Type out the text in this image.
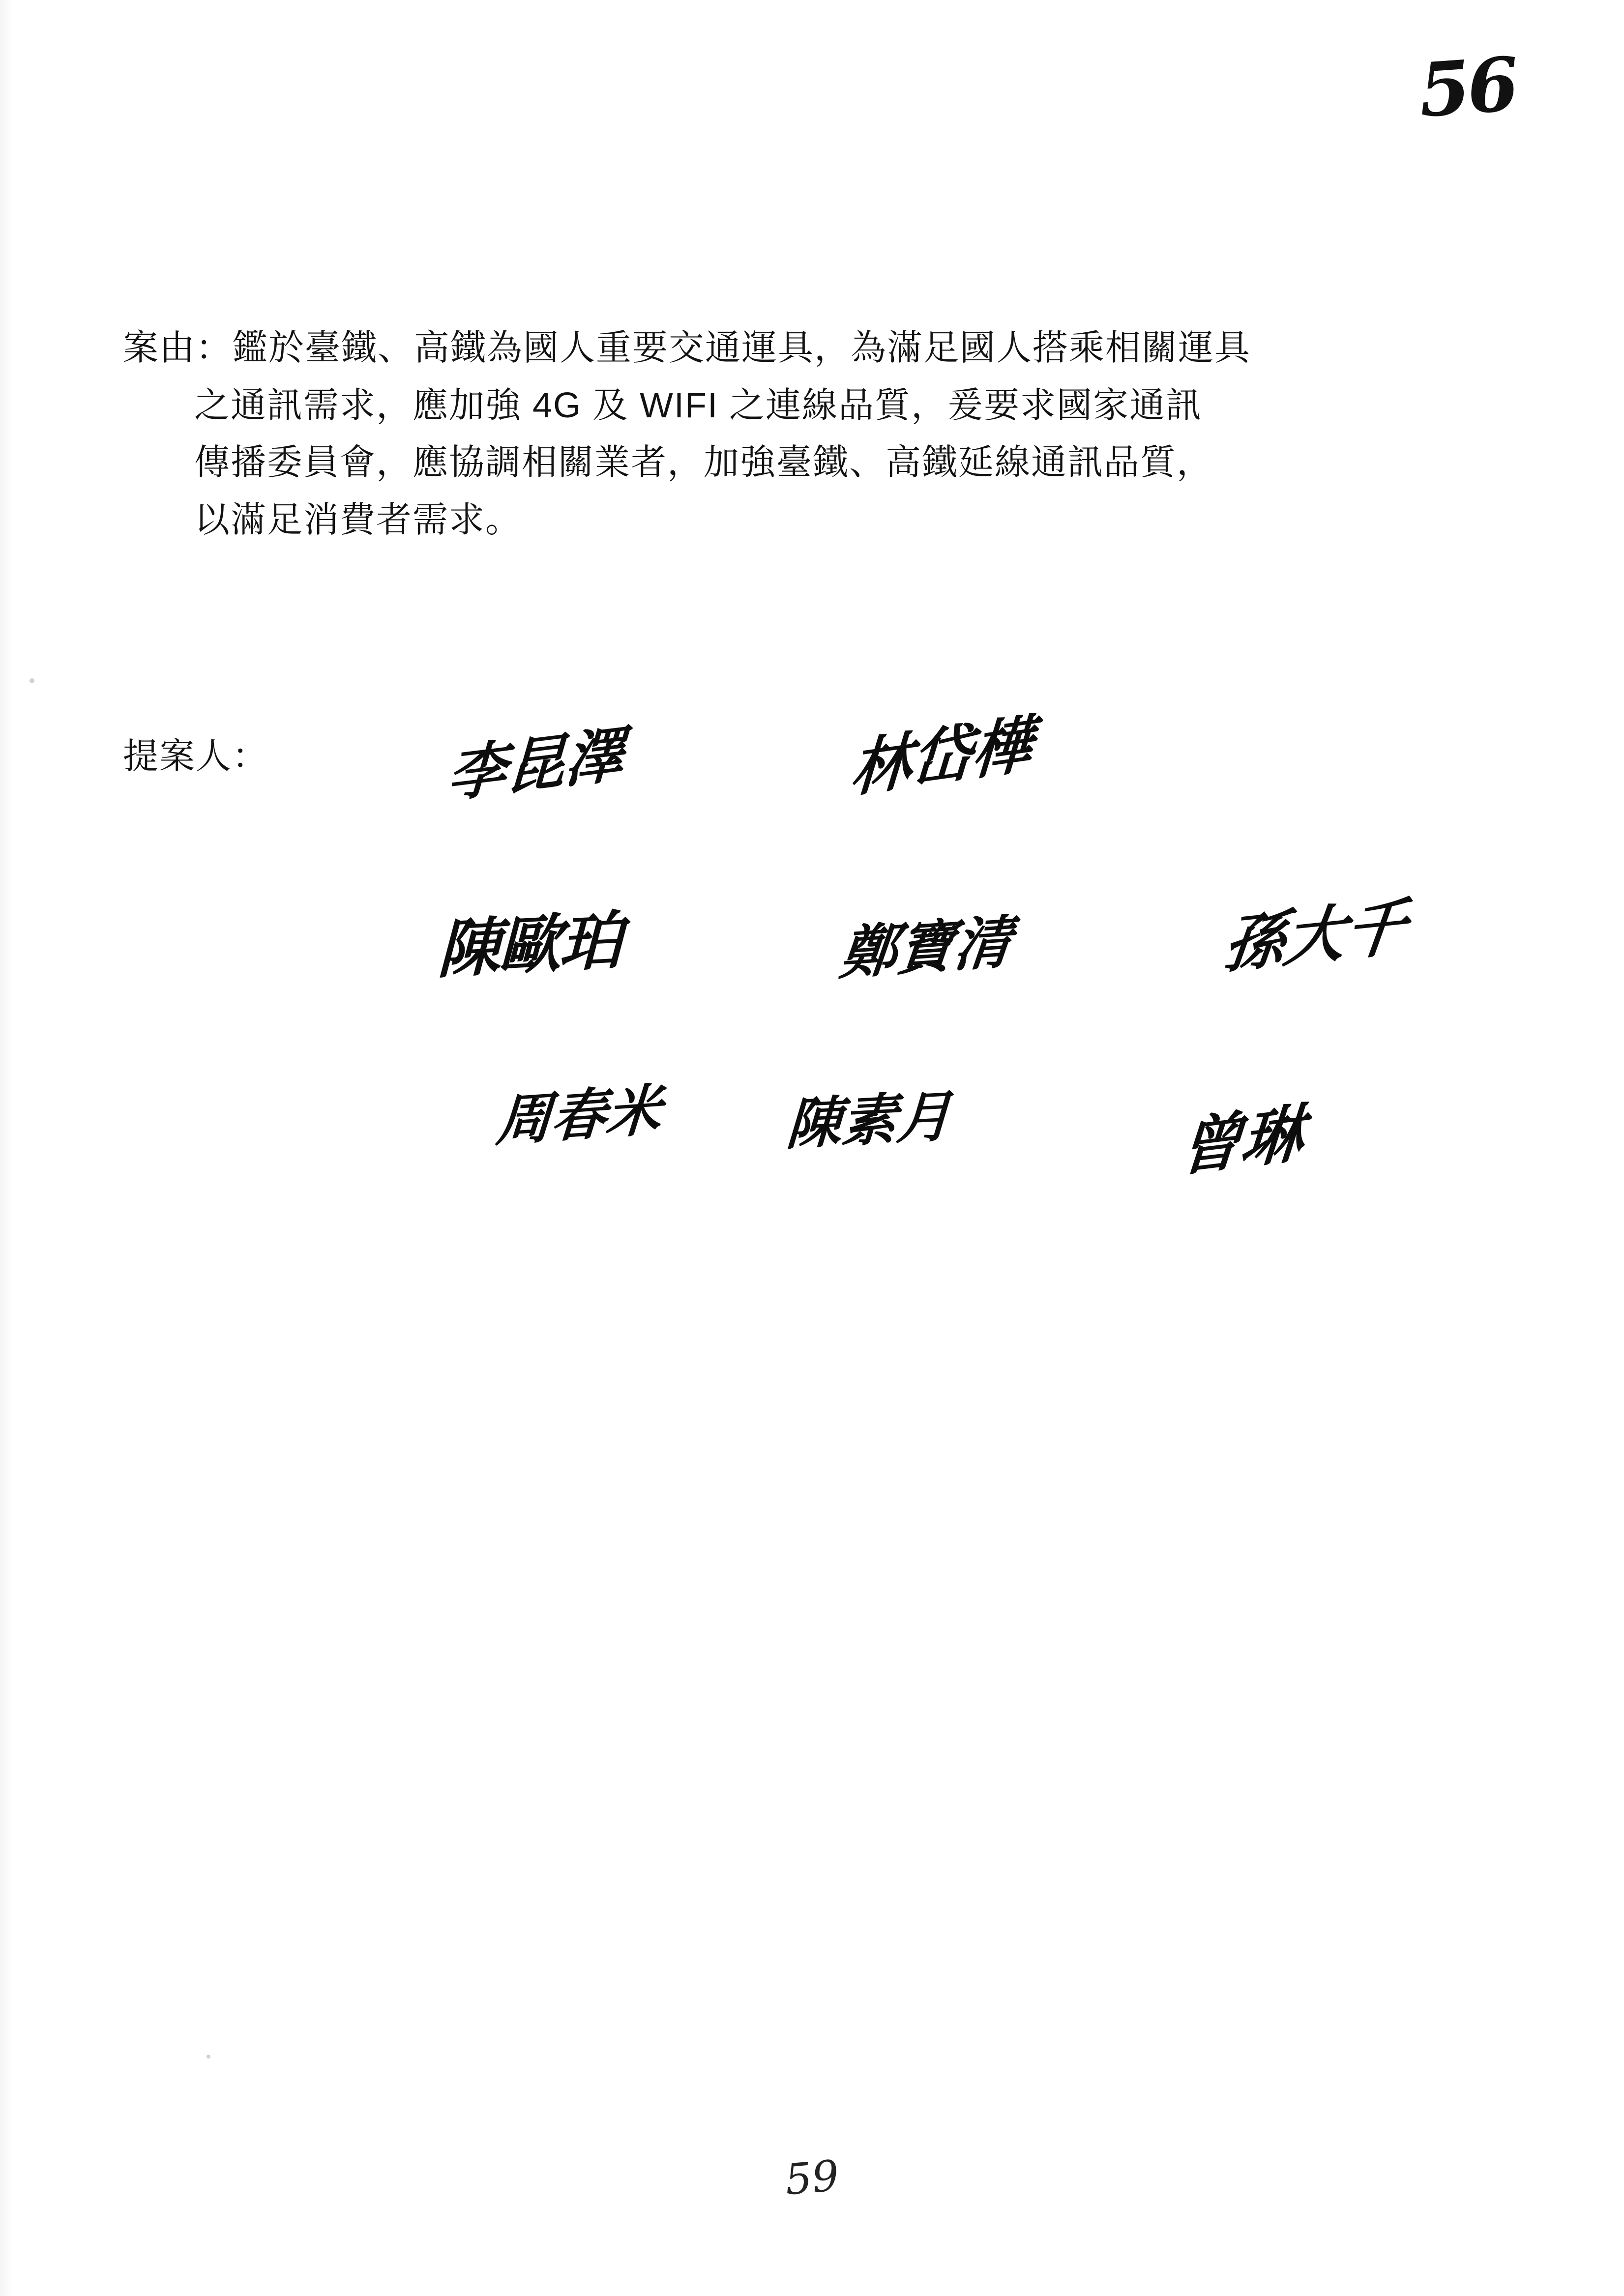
56
案由：鑑於臺鐵、高鐵為國人重要交通運具，為滿足國人搭乘相關運具
之通訊需求，應加強 4G 及 WIFI 之連線品質，爰要求國家通訊
傳播委員會，應協調相關業者，加強臺鐵、高鐵延線通訊品質，
以滿足消費者需求。
提案人：	李昆澤	林岱樺
陳歐珀	鄭寶清	孫大千
周春米 陳素月	曾琳
59
